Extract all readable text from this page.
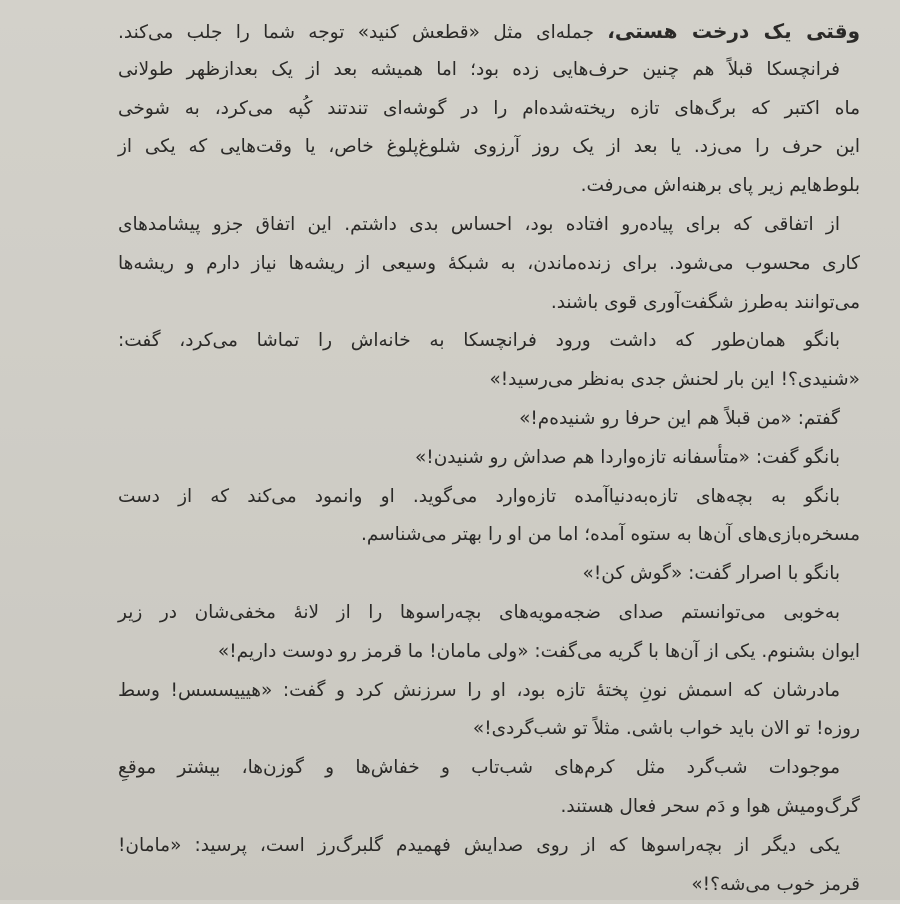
وقتی یک درخت هستی، جمله‌ای مثل «قطعش کنید» توجه شما را جلب می‌کند.
فرانچسکا قبلاً هم چنین حرف‌هایی زده بود؛ اما همیشه بعد از یک بعدازظهر طولانی
ماه اکتبر که برگ‌های تازه ریخته‌شده‌ام را در گوشه‌ای تندتند کُپه می‌کرد، به شوخی
این حرف را می‌زد. یا بعد از یک روز آرزوی شلوغ‌پلوغ خاص، یا وقت‌هایی که یکی از
بلوط‌هایم زیر پای برهنه‌اش می‌رفت.
از اتفاقی که برای پیاده‌رو افتاده بود، احساس بدی داشتم. این اتفاق جزو پیشامدهای
کاری محسوب می‌شود. برای زنده‌ماندن، به شبکهٔ وسیعی از ریشه‌ها نیاز دارم و ریشه‌ها
می‌توانند به‌طرز شگفت‌آوری قوی باشند.
بانگو همان‌طور که داشت ورود فرانچسکا به خانه‌اش را تماشا می‌کرد، گفت:
«شنیدی؟! این بار لحنش جدی به‌نظر می‌رسید!»
گفتم: «من قبلاً هم این حرفا رو شنیده‌م!»
بانگو گفت: «متأسفانه تازه‌واردا هم صداش رو شنیدن!»
بانگو به بچه‌های تازه‌به‌دنیاآمده تازه‌وارد می‌گوید. او وانمود می‌کند که از دست
مسخره‌بازی‌های آن‌ها به ستوه آمده؛ اما من او را بهتر می‌شناسم.
بانگو با اصرار گفت: «گوش کن!»
به‌خوبی می‌توانستم صدای ضجه‌مویه‌های بچه‌راسوها را از لانهٔ مخفی‌شان در زیر
ایوان بشنوم. یکی از آن‌ها با گریه می‌گفت: «ولی مامان! ما قرمز رو دوست داریم!»
مادرشان که اسمش نونِ پختهٔ تازه بود، او را سرزنش کرد و گفت: «هیییسسس! وسط
روزه! تو الان باید خواب باشی. مثلاً تو شب‌گردی!»
موجودات شب‌گرد مثل کرم‌های شب‌تاب و خفاش‌ها و گوزن‌ها، بیشتر موقعِ
گرگ‌ومیش هوا و دَم سحر فعال هستند.
یکی دیگر از بچه‌راسوها که از روی صدایش فهمیدم گلبرگ‌رز است، پرسید: «مامان!
قرمز خوب می‌شه؟!»
